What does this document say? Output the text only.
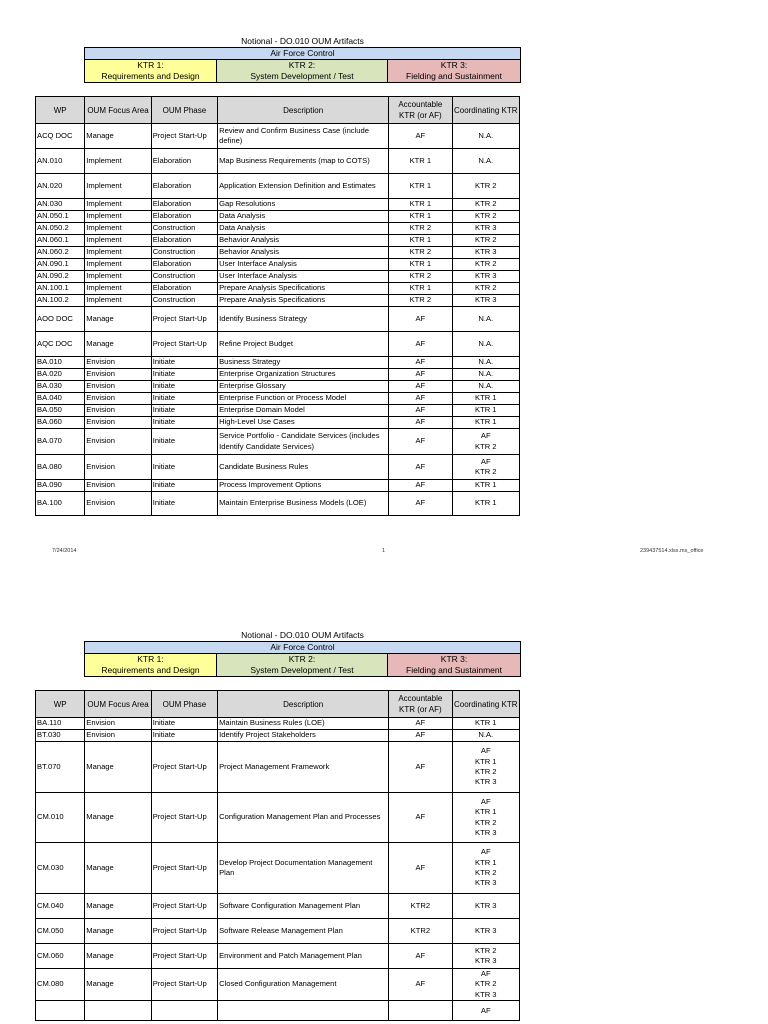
Notional - DO.010 OUM Artifacts
Air Force Control

KTR 1:
Requirements and Design

KTR 2:
System Development / Test

KTR 3:
Fielding and Sustainment
WP	OUM Focus Area	OUM Phase	Description	Accountable KTR (or AF)	Coordinating KTR
ACQ DOC	Manage	Project Start-Up	Review and Confirm Business Case (include define)	AF	N.A.
AN.010	Implement	Elaboration	Map Business Requirements (map to COTS)	KTR 1	N.A.
AN.020	Implement	Elaboration	Application Extension Definition and Estimates	KTR 1	KTR 2
AN.030	Implement	Elaboration	Gap Resolutions	KTR 1	KTR 2
AN.050.1	Implement	Elaboration	Data Analysis	KTR 1	KTR 2
AN.050.2	Implement	Construction	Data Analysis	KTR 2	KTR 3
AN.060.1	Implement	Elaboration	Behavior Analysis	KTR 1	KTR 2
AN.060.2	Implement	Construction	Behavior Analysis	KTR 2	KTR 3
AN.090.1	Implement	Elaboration	User Interface Analysis	KTR 1	KTR 2
AN.090.2	Implement	Construction	User Interface Analysis	KTR 2	KTR 3
AN.100.1	Implement	Elaboration	Prepare Analysis Specifications	KTR 1	KTR 2
AN.100.2	Implement	Construction	Prepare Analysis Specifications	KTR 2	KTR 3
AOO DOC	Manage	Project Start-Up	Identify Business Strategy	AF	N.A.
AQC DOC	Manage	Project Start-Up	Refine Project Budget	AF	N.A.
BA.010	Envision	Initiate	Business Strategy	AF	N.A.
BA.020	Envision	Initiate	Enterprise Organization Structures	AF	N.A.
BA.030	Envision	Initiate	Enterprise Glossary	AF	N.A.
BA.040	Envision	Initiate	Enterprise Function or Process Model	AF	KTR 1
BA.050	Envision	Initiate	Enterprise Domain Model	AF	KTR 1
BA.060	Envision	Initiate	High-Level Use Cases	AF	KTR 1
BA.070	Envision	Initiate	Service Portfolio - Candidate Services (includes Identify Candidate Services)	AF	AF
KTR 2
BA.080	Envision	Initiate	Candidate Business Rules	AF	AF
KTR 2
BA.090	Envision	Initiate	Process Improvement Options	AF	KTR 1
BA.100	Envision	Initiate	Maintain Enterprise Business Models (LOE)	AF	KTR 1
Notional - DO.010 OUM Artifacts
Air Force Control

KTR 1:
Requirements and Design

KTR 2:
System Development / Test

KTR 3:
Fielding and Sustainment
WP	OUM Focus Area	OUM Phase	Description	Accountable KTR (or AF)	Coordinating KTR
BA.110	Envision	Initiate	Maintain Business Rules (LOE)	AF	KTR 1
BT.030	Envision	Initiate	Identify Project Stakeholders	AF	N.A.
BT.070	Manage	Project Start-Up	Project Management Framework	AF	AF
KTR 1
KTR 2
KTR 3
CM.010	Manage	Project Start-Up	Configuration Management Plan and Processes	AF	AF
KTR 1
KTR 2
KTR 3
CM.030	Manage	Project Start-Up	Develop Project Documentation Management Plan	AF	AF
KTR 1
KTR 2
KTR 3
CM.040	Manage	Project Start-Up	Software Configuration Management Plan	KTR2	KTR 3
CM.050	Manage	Project Start-Up	Software Release Management Plan	KTR2	KTR 3
CM.060	Manage	Project Start-Up	Environment and Patch Management Plan	AF	KTR 2
KTR 3
CM.080	Manage	Project Start-Up	Closed Configuration Management	AF	AF
KTR 2
KTR 3
					AF
7/24/2014	1	239437514.xlsx.ms_office
